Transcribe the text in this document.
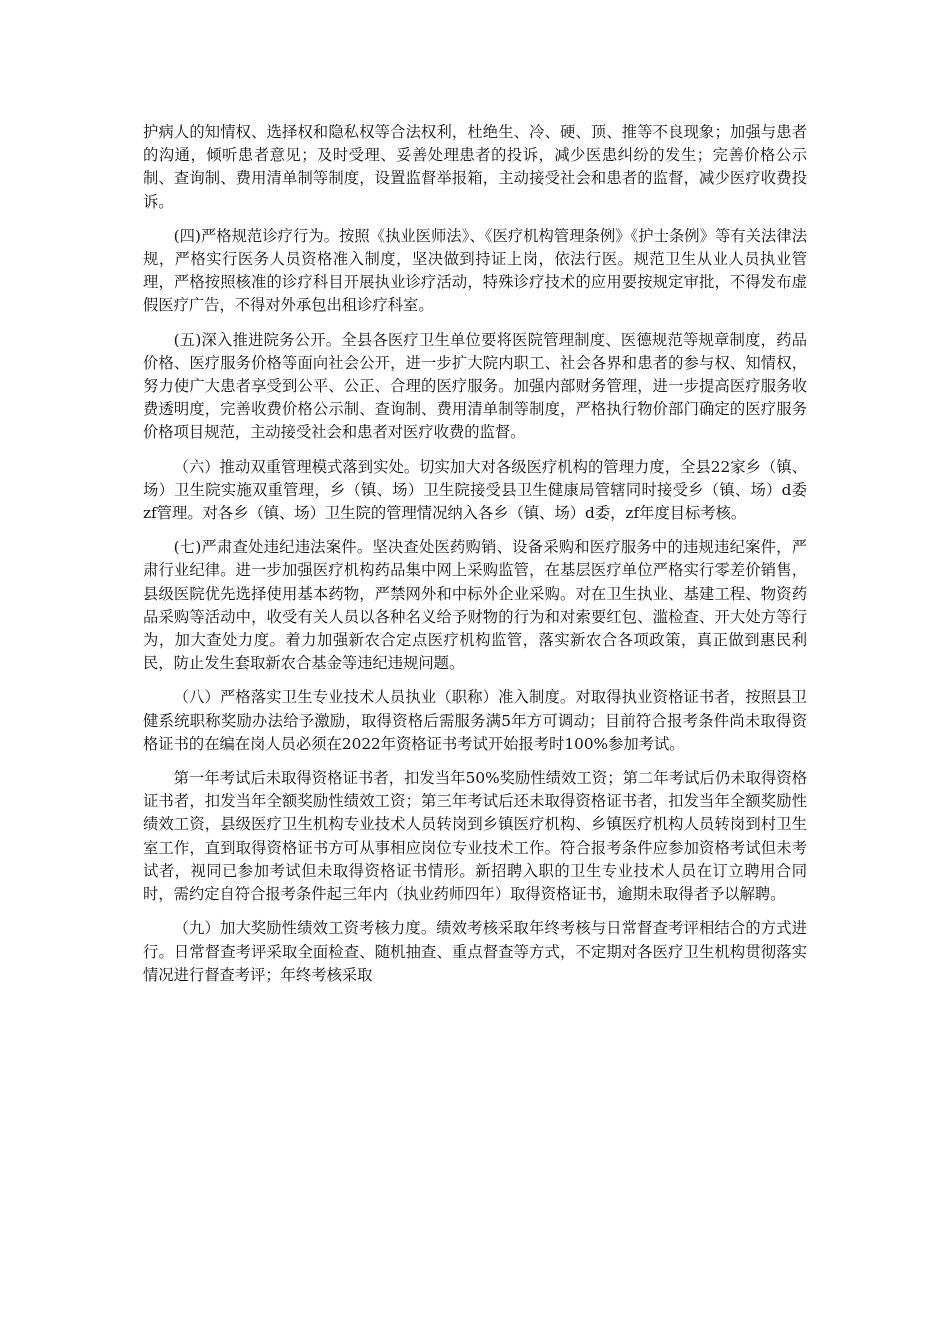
护病人的知情权、选择权和隐私权等合法权利，杜绝生、冷、硬、顶、推等不良现象；加强与患者的沟通，倾听患者意见；及时受理、妥善处理患者的投诉，减少医患纠纷的发生；完善价格公示制、查询制、费用清单制等制度，设置监督举报箱，主动接受社会和患者的监督，减少医疗收费投诉。

(四)严格规范诊疗行为。按照《执业医师法》、《医疗机构管理条例》《护士条例》等有关法律法规，严格实行医务人员资格准入制度，坚决做到持证上岗，依法行医。规范卫生从业人员执业管理，严格按照核准的诊疗科目开展执业诊疗活动，特殊诊疗技术的应用要按规定审批，不得发布虚假医疗广告，不得对外承包出租诊疗科室。

(五)深入推进院务公开。全县各医疗卫生单位要将医院管理制度、医德规范等规章制度，药品价格、医疗服务价格等面向社会公开，进一步扩大院内职工、社会各界和患者的参与权、知情权，努力使广大患者享受到公平、公正、合理的医疗服务。加强内部财务管理，进一步提高医疗服务收费透明度，完善收费价格公示制、查询制、费用清单制等制度，严格执行物价部门确定的医疗服务价格项目规范，主动接受社会和患者对医疗收费的监督。

（六）推动双重管理模式落到实处。切实加大对各级医疗机构的管理力度，全县22家乡（镇、场）卫生院实施双重管理，乡（镇、场）卫生院接受县卫生健康局管辖同时接受乡（镇、场）d委zf管理。对各乡（镇、场）卫生院的管理情况纳入各乡（镇、场）d委，zf年度目标考核。

(七)严肃查处违纪违法案件。坚决查处医药购销、设备采购和医疗服务中的违规违纪案件，严肃行业纪律。进一步加强医疗机构药品集中网上采购监管，在基层医疗单位严格实行零差价销售，县级医院优先选择使用基本药物，严禁网外和中标外企业采购。对在卫生执业、基建工程、物资药品采购等活动中，收受有关人员以各种名义给予财物的行为和对索要红包、滥检查、开大处方等行为，加大查处力度。着力加强新农合定点医疗机构监管，落实新农合各项政策，真正做到惠民利民，防止发生套取新农合基金等违纪违规问题。

（八）严格落实卫生专业技术人员执业（职称）准入制度。对取得执业资格证书者，按照县卫健系统职称奖励办法给予激励，取得资格后需服务满5年方可调动；目前符合报考条件尚未取得资格证书的在编在岗人员必须在2022年资格证书考试开始报考时100%参加考试。

第一年考试后未取得资格证书者，扣发当年50%奖励性绩效工资；第二年考试后仍未取得资格证书者，扣发当年全额奖励性绩效工资；第三年考试后还未取得资格证书者，扣发当年全额奖励性绩效工资，县级医疗卫生机构专业技术人员转岗到乡镇医疗机构、乡镇医疗机构人员转岗到村卫生室工作，直到取得资格证书方可从事相应岗位专业技术工作。符合报考条件应参加资格考试但未考试者，视同已参加考试但未取得资格证书情形。新招聘入职的卫生专业技术人员在订立聘用合同时，需约定自符合报考条件起三年内（执业药师四年）取得资格证书，逾期未取得者予以解聘。

（九）加大奖励性绩效工资考核力度。绩效考核采取年终考核与日常督查考评相结合的方式进行。日常督查考评采取全面检查、随机抽查、重点督查等方式，不定期对各医疗卫生机构贯彻落实情况进行督查考评；年终考核采取
